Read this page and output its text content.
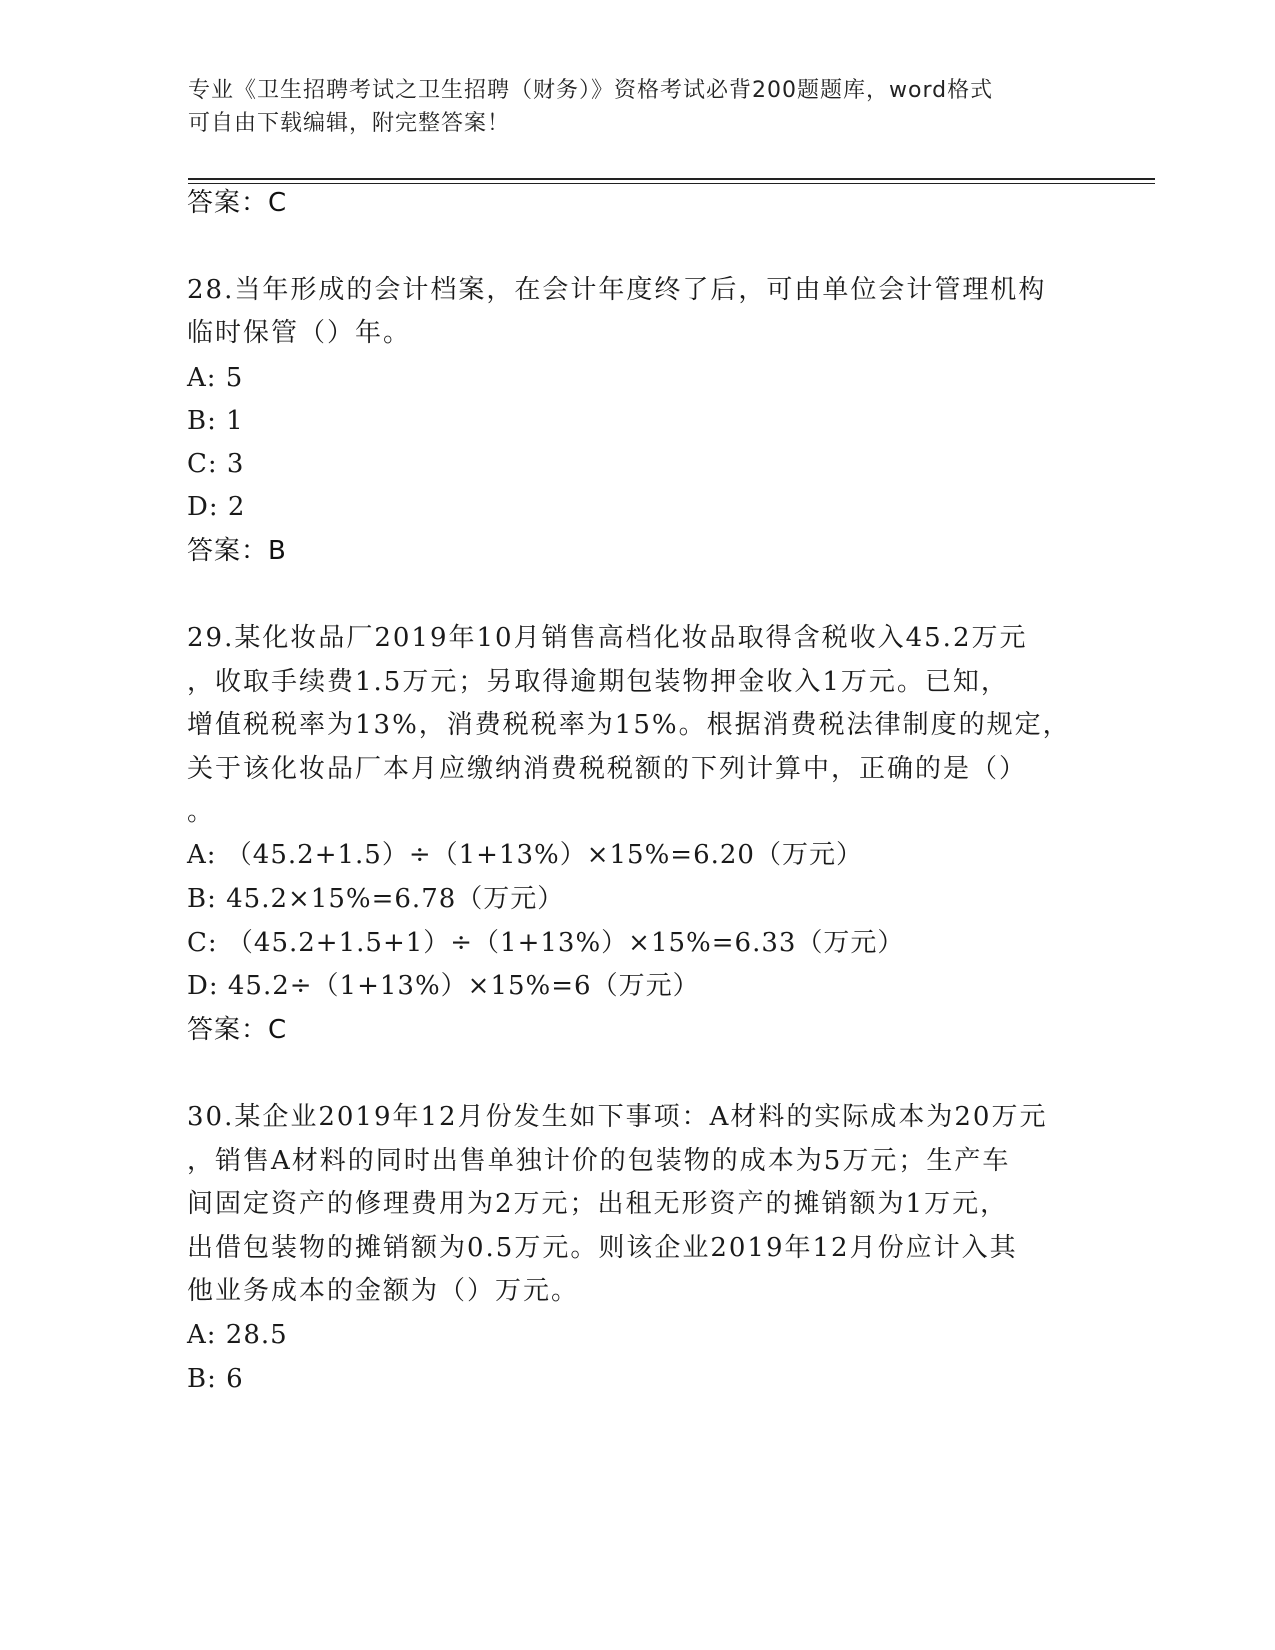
专业《卫生招聘考试之卫生招聘（财务）》资格考试必背200题题库，word格式
可自由下载编辑，附完整答案！
答案：C
28.当年形成的会计档案，在会计年度终了后，可由单位会计管理机构
临时保管（）年。
A: 5
B: 1
C: 3
D: 2
答案：B
29.某化妆品厂2019年10月销售高档化妆品取得含税收入45.2万元
，收取手续费1.5万元；另取得逾期包装物押金收入1万元。已知，
增值税税率为13%，消费税税率为15%。根据消费税法律制度的规定，
关于该化妆品厂本月应缴纳消费税税额的下列计算中，正确的是（）
。
A: （45.2+1.5）÷（1+13%）×15%=6.20（万元）
B: 45.2×15%=6.78（万元）
C: （45.2+1.5+1）÷（1+13%）×15%=6.33（万元）
D: 45.2÷（1+13%）×15%=6（万元）
答案：C
30.某企业2019年12月份发生如下事项：A材料的实际成本为20万元
，销售A材料的同时出售单独计价的包装物的成本为5万元；生产车
间固定资产的修理费用为2万元；出租无形资产的摊销额为1万元，
出借包装物的摊销额为0.5万元。则该企业2019年12月份应计入其
他业务成本的金额为（）万元。
A: 28.5
B: 6
